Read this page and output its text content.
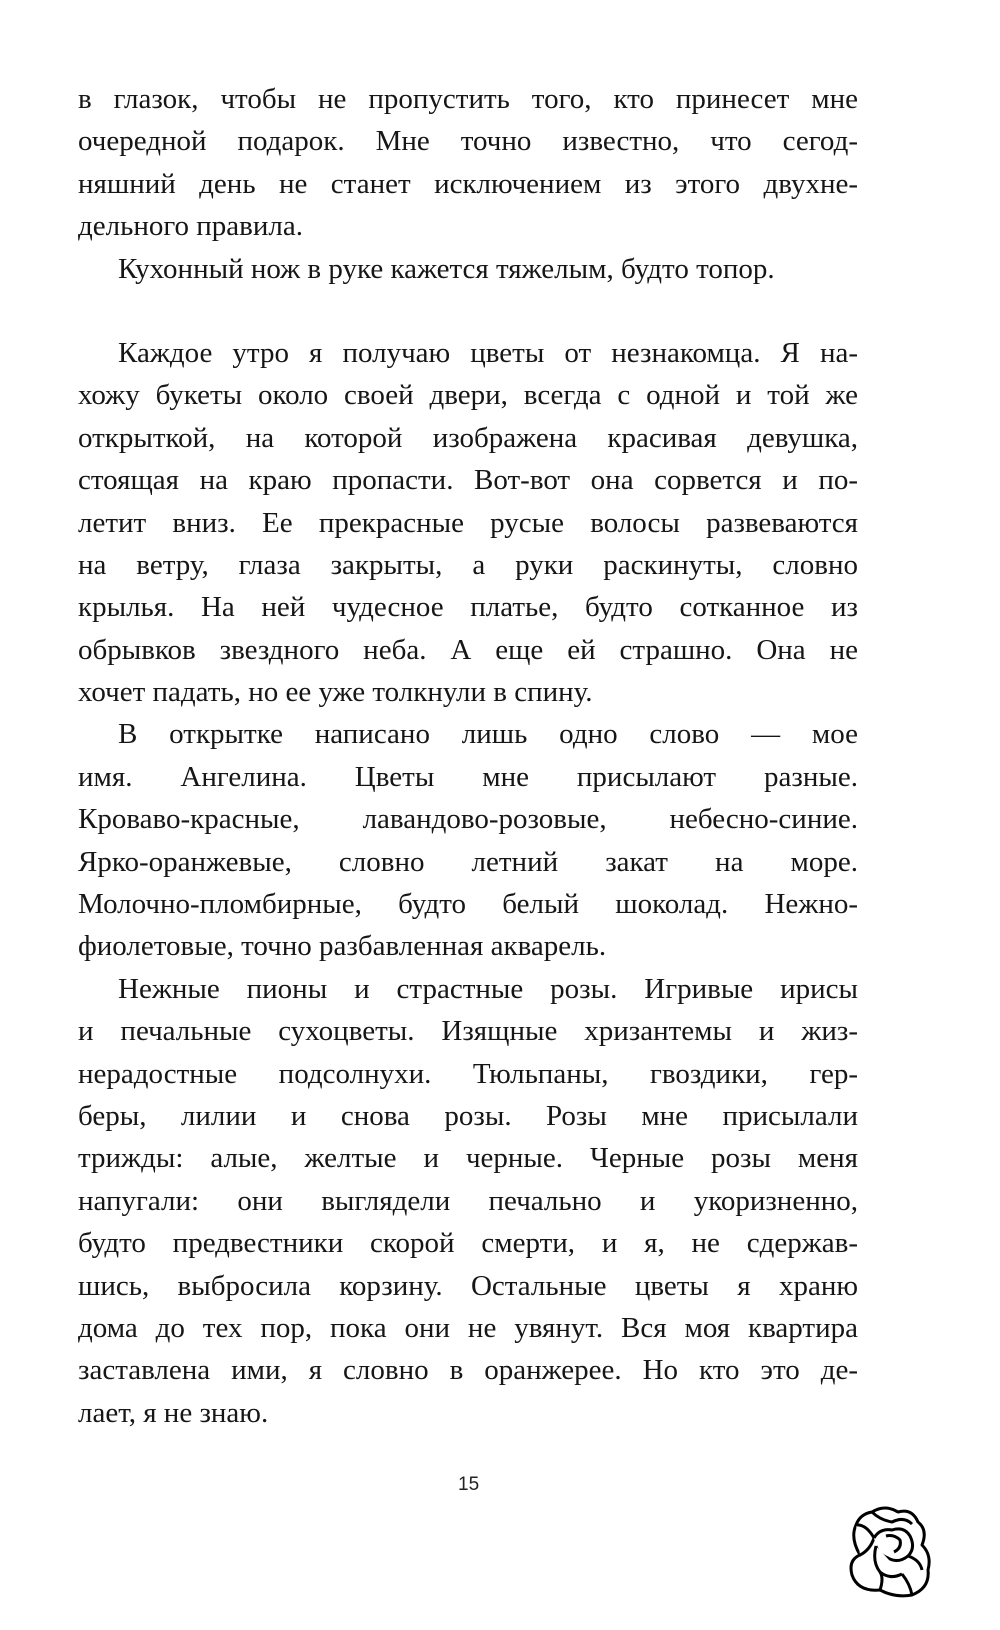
в глазок, чтобы не пропустить того, кто принесет мне
очередной подарок. Мне точно известно, что сегод-
няшний день не станет исключением из этого двухне-
дельного правила.
Кухонный нож в руке кажется тяжелым, будто топор.
Каждое утро я получаю цветы от незнакомца. Я на-
хожу букеты около своей двери, всегда с одной и той же
открыткой, на которой изображена красивая девушка,
стоящая на краю пропасти. Вот-вот она сорвется и по-
летит вниз. Ее прекрасные русые волосы развеваются
на ветру, глаза закрыты, а руки раскинуты, словно
крылья. На ней чудесное платье, будто сотканное из
обрывков звездного неба. А еще ей страшно. Она не
хочет падать, но ее уже толкнули в спину.
В открытке написано лишь одно слово — мое
имя. Ангелина. Цветы мне присылают разные.
Кроваво-красные, лавандово-розовые, небесно-синие.
Ярко-оранжевые, словно летний закат на море.
Молочно-пломбирные, будто белый шоколад. Нежно-
фиолетовые, точно разбавленная акварель.
Нежные пионы и страстные розы. Игривые ирисы
и печальные сухоцветы. Изящные хризантемы и жиз-
нерадостные подсолнухи. Тюльпаны, гвоздики, гер-
беры, лилии и снова розы. Розы мне присылали
трижды: алые, желтые и черные. Черные розы меня
напугали: они выглядели печально и укоризненно,
будто предвестники скорой смерти, и я, не сдержав-
шись, выбросила корзину. Остальные цветы я храню
дома до тех пор, пока они не увянут. Вся моя квартира
заставлена ими, я словно в оранжерее. Но кто это де-
лает, я не знаю.
15
